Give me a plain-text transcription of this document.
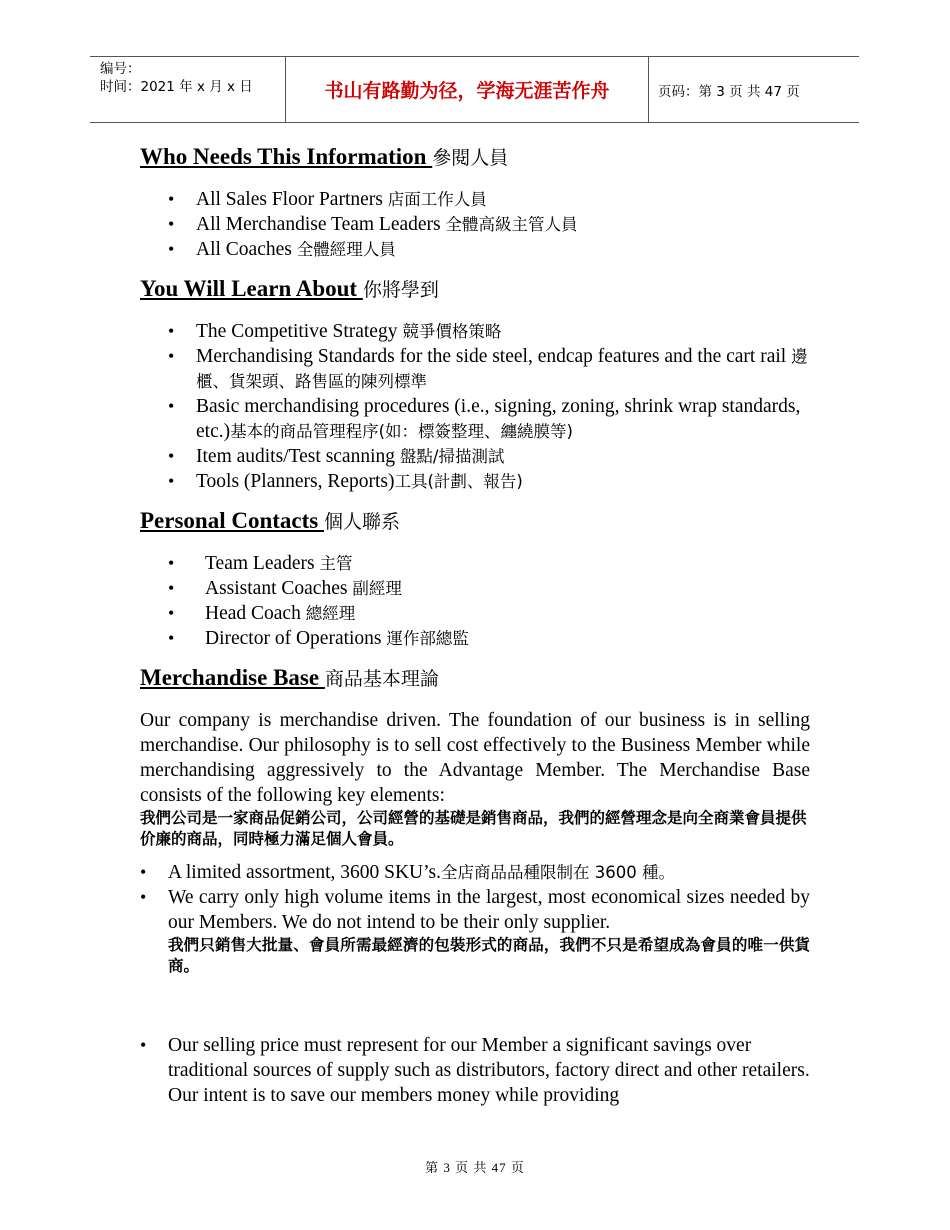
编号：
时间：2021 年 x 月 x 日	书山有路勤为径，学海无涯苦作舟	页码：第 3 页 共 47 页
Who Needs This Information 參閱人員
• All Sales Floor Partners 店面工作人員
• All Merchandise Team Leaders 全體高級主管人員
• All Coaches 全體經理人員
You Will Learn About 你將學到
• The Competitive Strategy 競爭價格策略
• Merchandising Standards for the side steel, endcap features and the cart rail 邊櫃、貨架頭、路售區的陳列標準
• Basic merchandising procedures (i.e., signing, zoning, shrink wrap standards, etc.)基本的商品管理程序(如：標簽整理、纏繞膜等)
• Item audits/Test scanning 盤點/掃描測試
• Tools (Planners, Reports)工具(計劃、報告)
Personal Contacts 個人聯系
• Team Leaders 主管
• Assistant Coaches 副經理
• Head Coach 總經理
• Director of Operations 運作部總監
Merchandise Base 商品基本理論

Our company is merchandise driven. The foundation of our business is in selling merchandise. Our philosophy is to sell cost effectively to the Business Member while merchandising aggressively to the Advantage Member. The Merchandise Base consists of the following key elements:

我們公司是一家商品促銷公司，公司經營的基礎是銷售商品，我們的經營理念是向全商業會員提供价廉的商品，同時極力滿足個人會員。

• A limited assortment, 3600 SKU’s.全店商品品種限制在 3600 種。
• We carry only high volume items in the largest, most economical sizes needed by our Members. We do not intend to be their only supplier.
我們只銷售大批量、會員所需最經濟的包裝形式的商品，我們不只是希望成為會員的唯一供貨商。
• Our selling price must represent for our Member a significant savings over traditional sources of supply such as distributors, factory direct and other retailers. Our intent is to save our members money while providing
第 3 页 共 47 页
